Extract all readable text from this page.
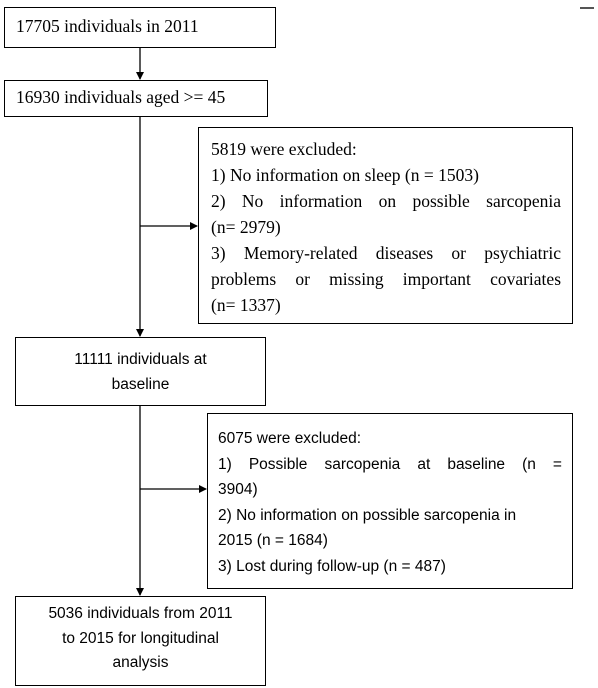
17705 individuals in 2011
16930 individuals aged >= 45
5819 were excluded:
1) No information on sleep (n = 1503)
2) No information on possible sarcopenia
(n= 2979)
3) Memory-related diseases or psychiatric
problems or missing important covariates
(n= 1337)
11111 individuals at
baseline
6075 were excluded:
1) Possible sarcopenia at baseline (n =
3904)
2) No information on possible sarcopenia in
2015 (n = 1684)
3) Lost during follow-up (n = 487)
5036 individuals from 2011
to 2015 for longitudinal
analysis
